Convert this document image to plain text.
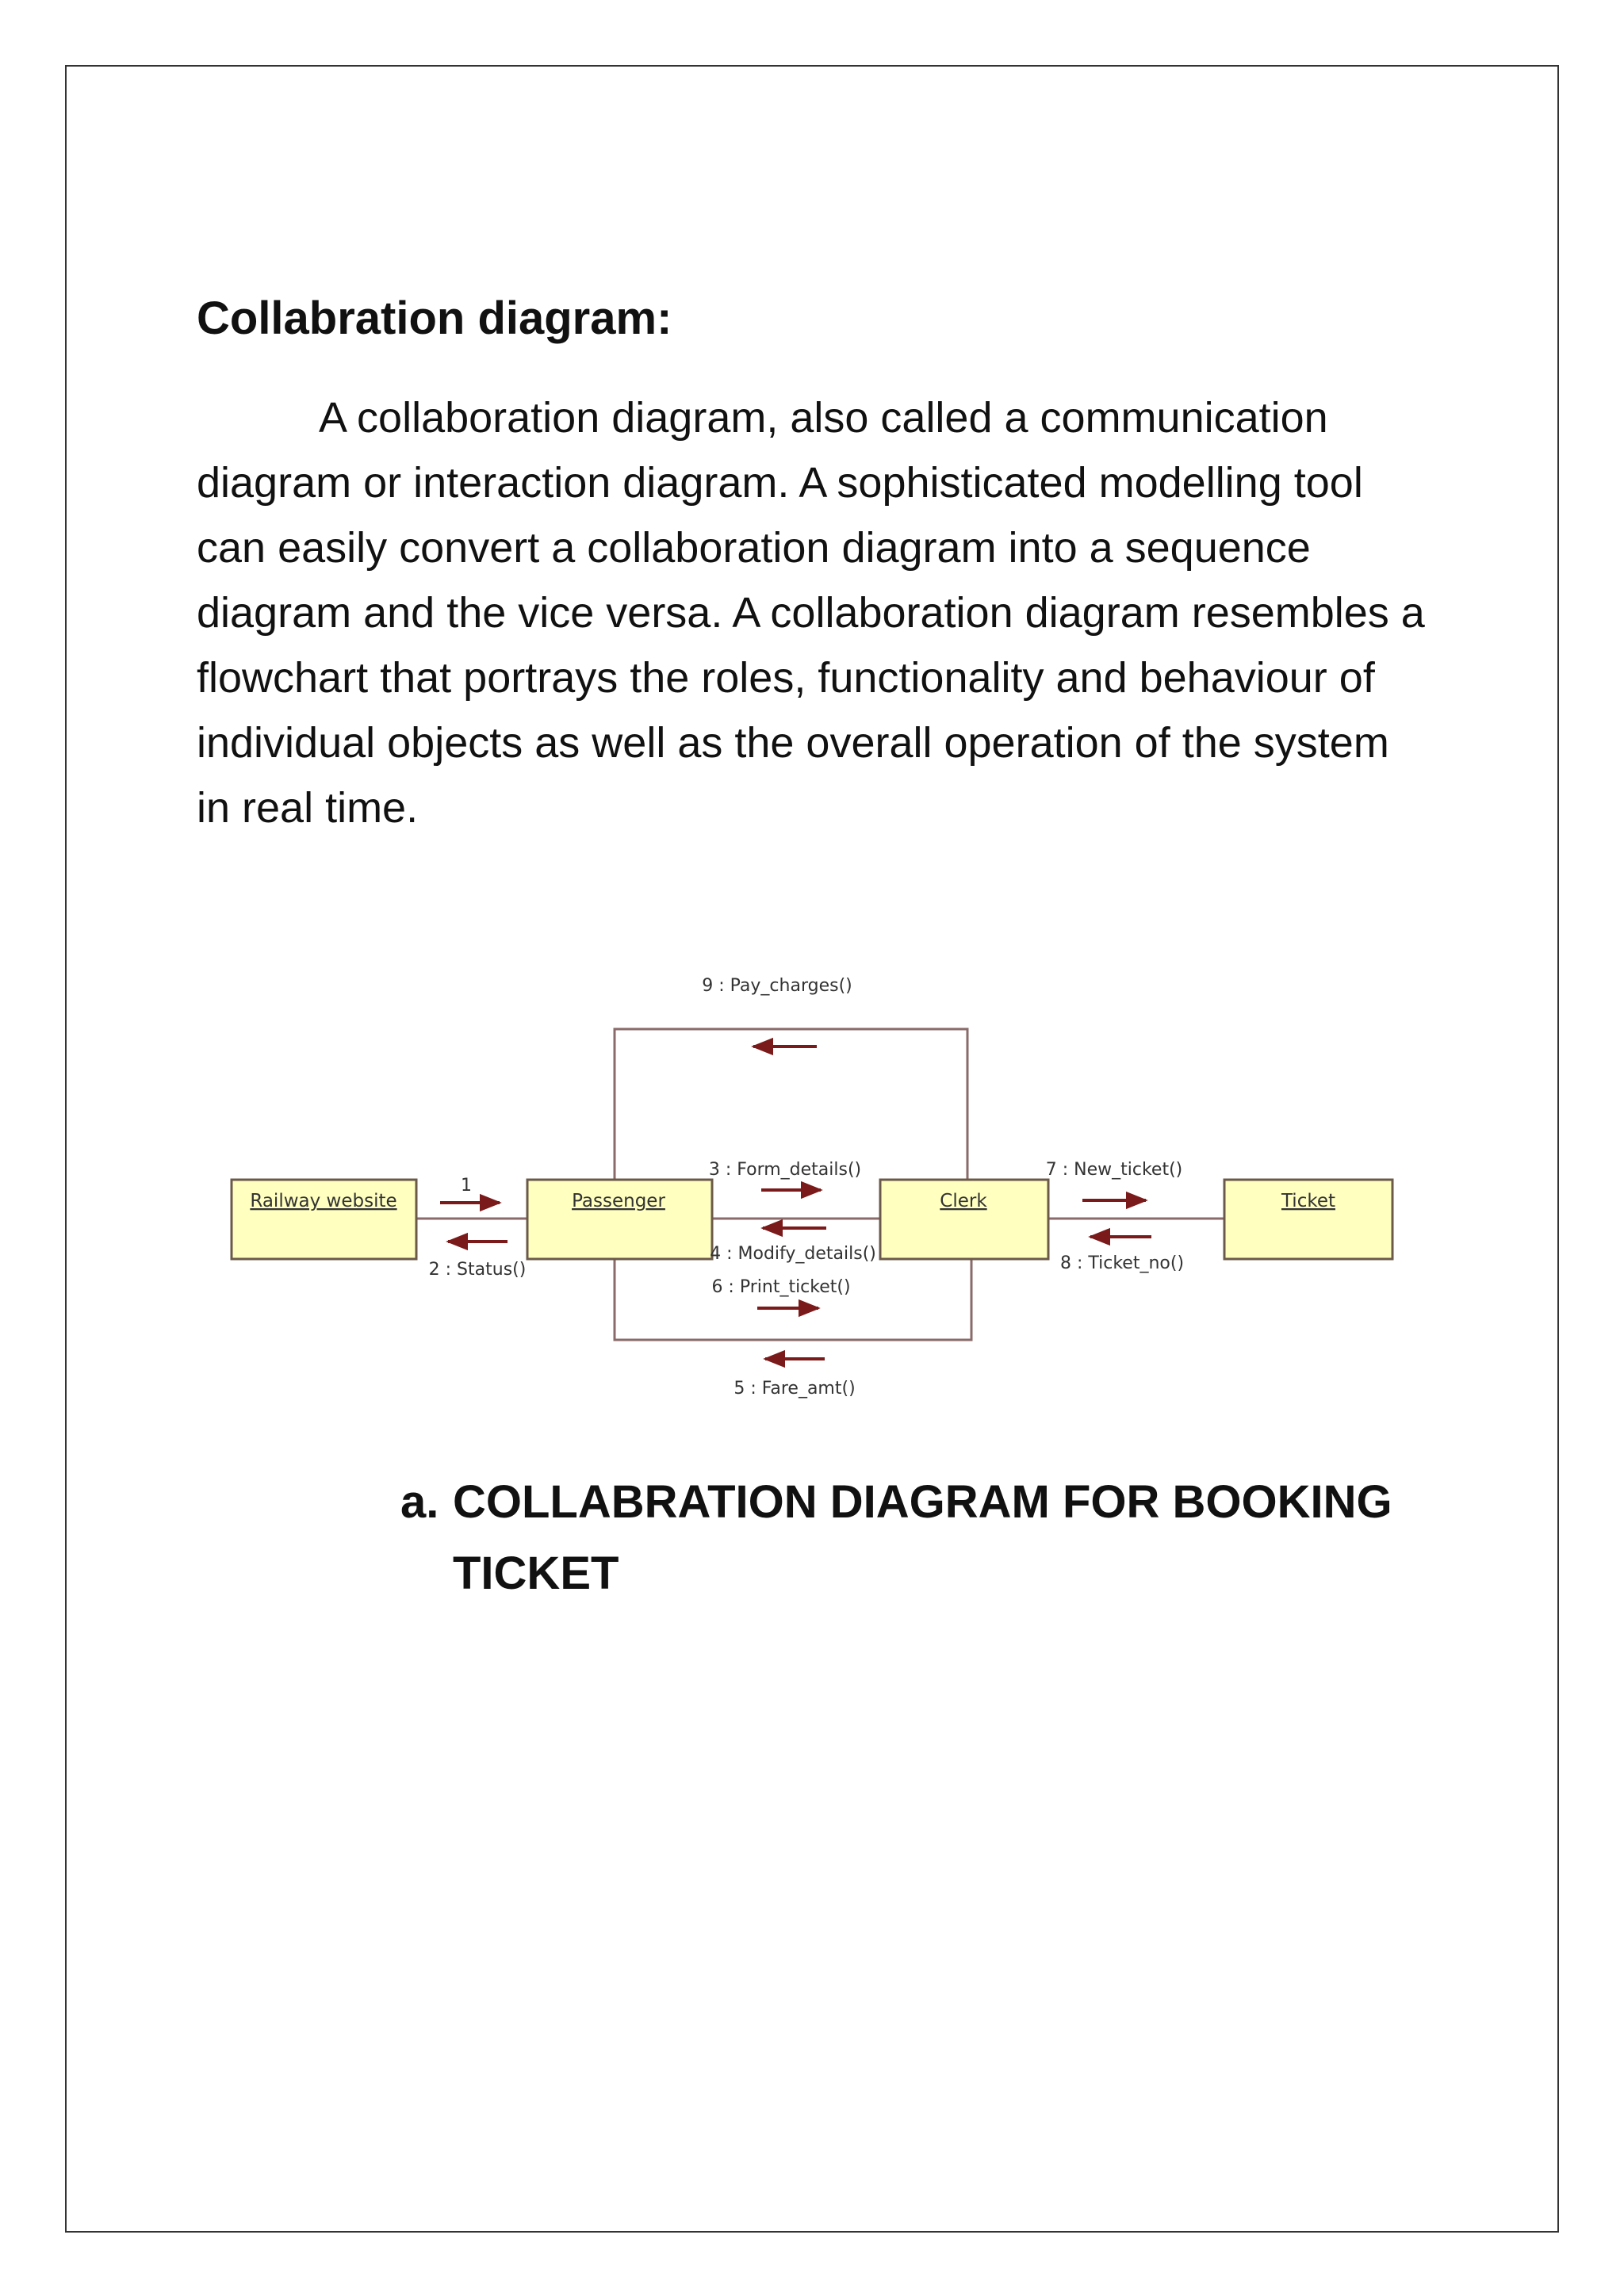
Collabration diagram:

A collaboration diagram, also called a communication diagram or interaction diagram. A sophisticated modelling tool can easily convert a collaboration diagram into a sequence diagram and the vice versa. A collaboration diagram resembles a flowchart that portrays the roles, functionality and behaviour of individual objects as well as the overall operation of the system in real time.

Railway website	Passenger	Clerk	Ticket
9 : Pay_charges()
1
2 : Status()
3 : Form_details()
4 : Modify_details()
6 : Print_ticket()
5 : Fare_amt()
7 : New_ticket()
8 : Ticket_no()
a. COLLABRATION DIAGRAM FOR BOOKING
TICKET
